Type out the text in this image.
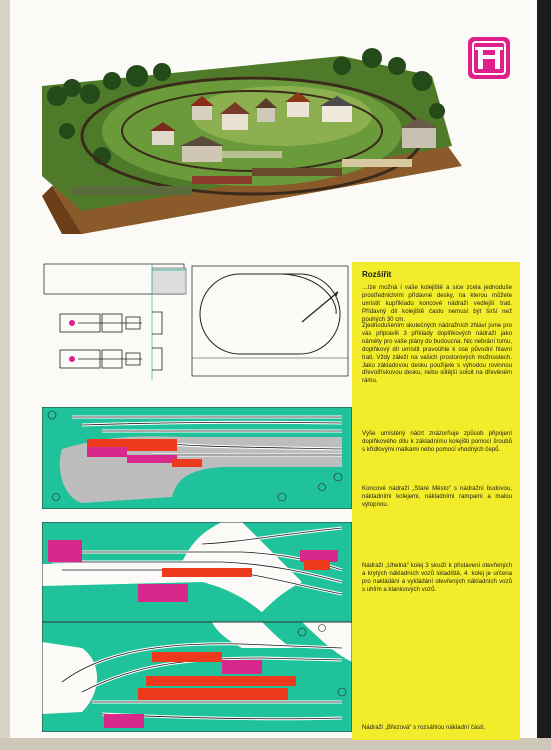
Rozšířit

…lze možná i vaše kolejiště a sice zcela jednoduše prostřednictvím přídavné desky, na kterou můžete umístit kupříkladu koncové nádraží vedlejší trati. Přídavný díl kolejiště často nemusí být širší než pouhých 30 cm.

Zjednodušením skutečných nádražních zhlaví jsme pro vás připravili 3 příklady doplňkových nádraží jako náměty pro vaše plány do budoucna. Nic nebrání tomu, doplňkový díl umístit pravoúhle k ose původní hlavní trati. Vždy záleží na vašich prostorových možnostech. Jako základovou desku použijete s výhodou rovinnou dřevotřískovou desku, nebo slitější soloit na dřevěném rámu.

Výše umístěný náčrt znázorňuje způsob připojení doplňkového dílu k základnímu kolejišti pomocí šroubů s křídlovými matkami nebo pomocí vhodných čepů.

Koncové nádraží „Staré Město“ s nádražní budovou, nákladními kolejemi, nákladními rampami a malou výtopnou.

Nádraží „Uhelná“ kolej 3 slouží k přistavení otevřených a krytých nákladních vozů skladiště, 4. kolej je určena pro nakládání a vykládání otevřených nákladních vozů s uhlím a klanicových vozů.

Nádraží „Březová“ s rozsáhlou nákladní částí.
